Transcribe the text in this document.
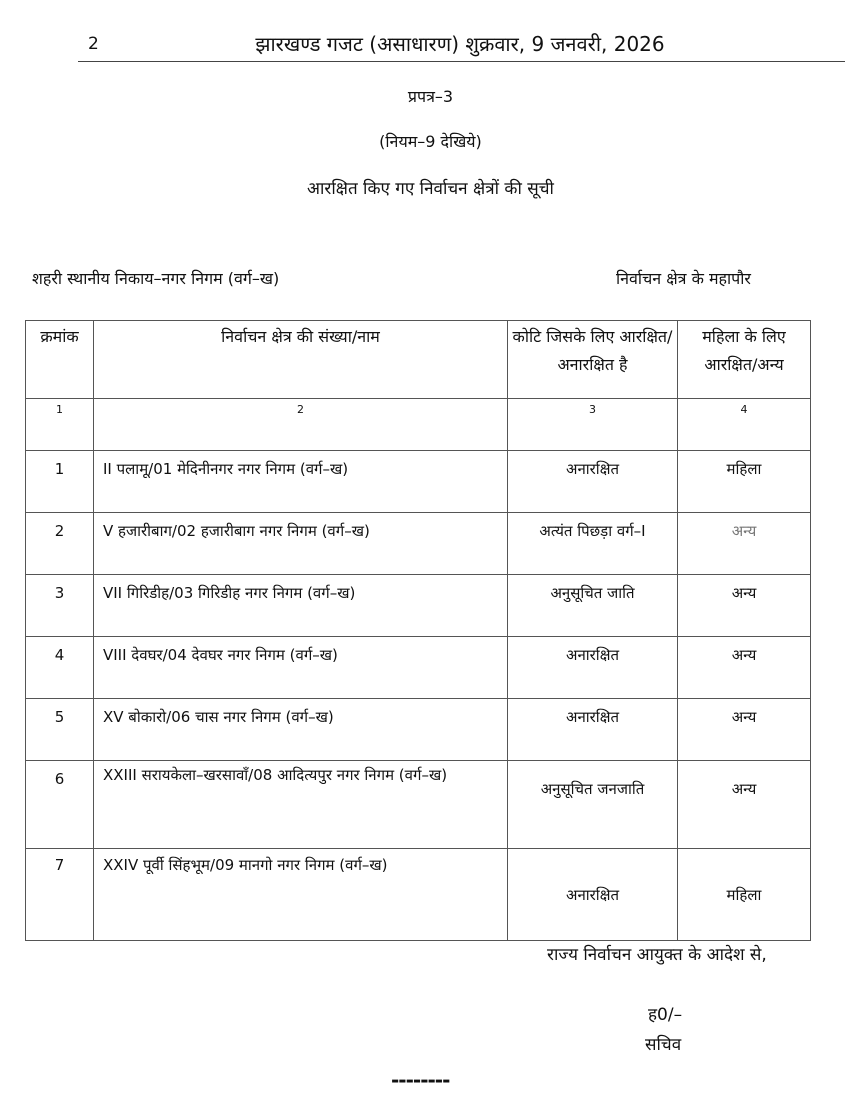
2	झारखण्ड गजट (असाधारण) शुक्रवार, 9 जनवरी, 2026
प्रपत्र–3
(नियम–9 देखिये)
आरक्षित किए गए निर्वाचन क्षेत्रों की सूची
शहरी स्थानीय निकाय–नगर निगम (वर्ग–ख)	निर्वाचन क्षेत्र के महापौर
क्रमांक	निर्वाचन क्षेत्र की संख्या/नाम	कोटि जिसके लिए आरक्षित/अनारक्षित है	महिला के लिए आरक्षित/अन्य
1	2	3	4
1	II पलामू/01 मेदिनीनगर नगर निगम (वर्ग–ख)	अनारक्षित	महिला
2	V हजारीबाग/02 हजारीबाग नगर निगम (वर्ग–ख)	अत्यंत पिछड़ा वर्ग–I	अन्य
3	VII गिरिडीह/03 गिरिडीह नगर निगम (वर्ग–ख)	अनुसूचित जाति	अन्य
4	VIII देवघर/04 देवघर नगर निगम (वर्ग–ख)	अनारक्षित	अन्य
5	XV बोकारो/06 चास नगर निगम (वर्ग–ख)	अनारक्षित	अन्य
6	XXIII सरायकेला–खरसावाँ/08 आदित्यपुर नगर निगम (वर्ग–ख)	अनुसूचित जनजाति	अन्य
7	XXIV पूर्वी सिंहभूम/09 मानगो नगर निगम (वर्ग–ख)	अनारक्षित	महिला
राज्य निर्वाचन आयुक्त के आदेश से,
ह0/–
सचिव
--------
